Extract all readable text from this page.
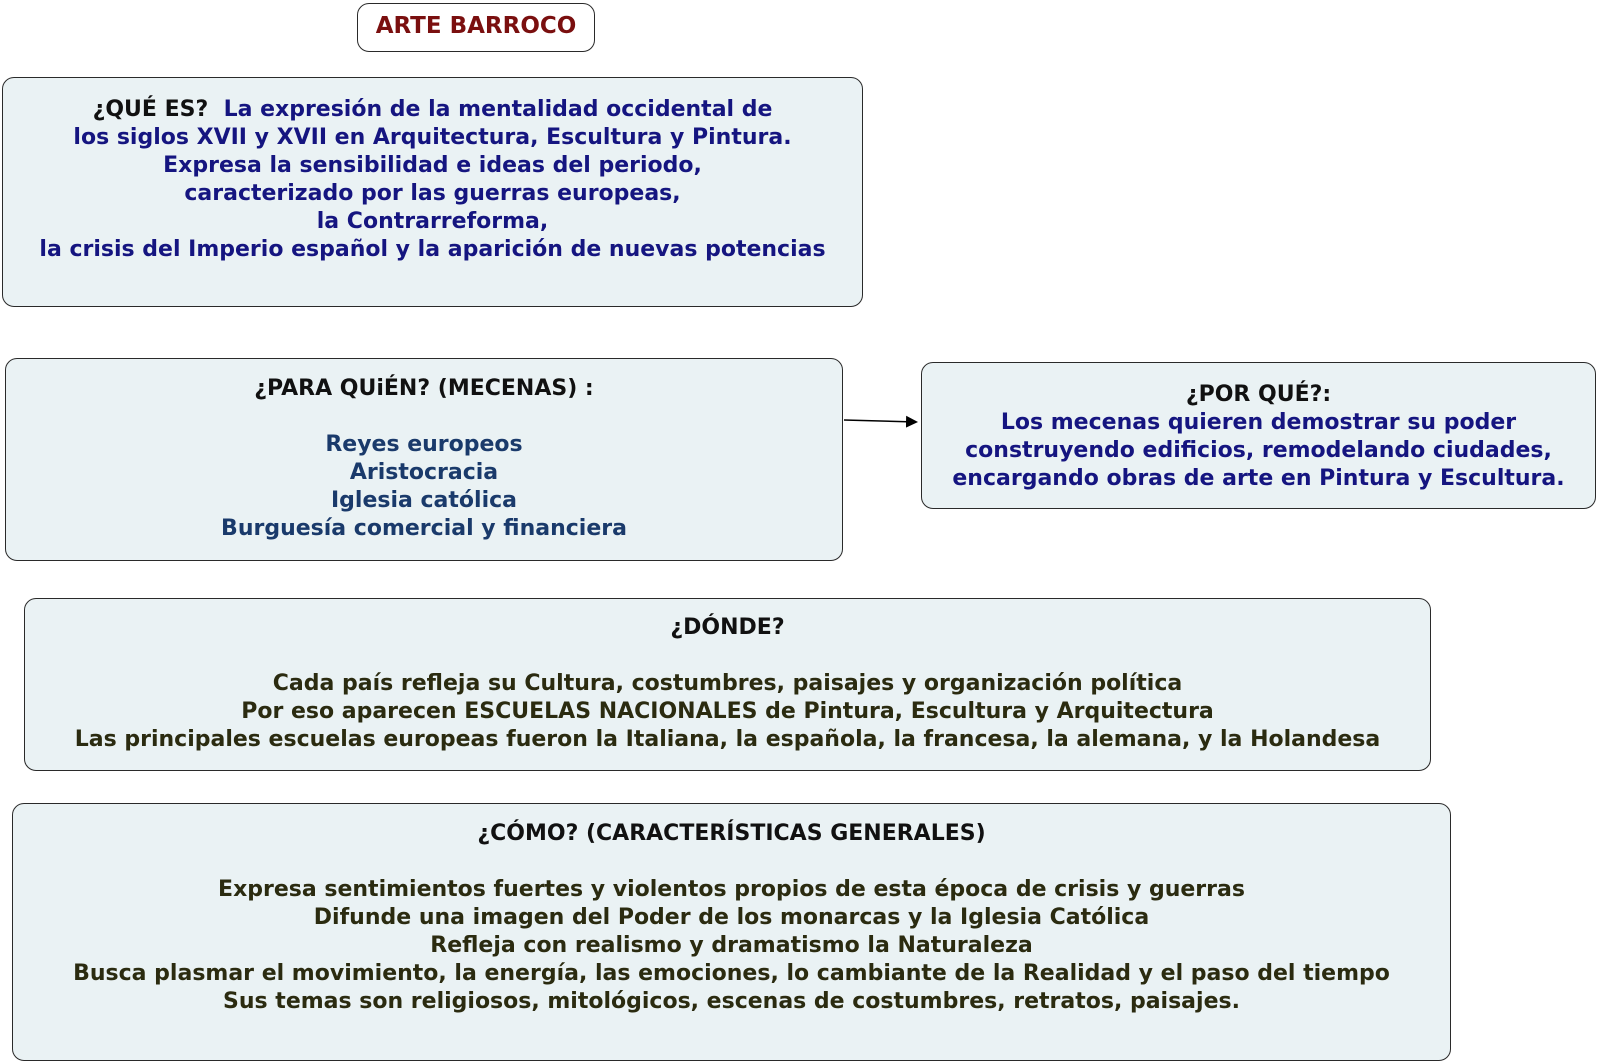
ARTE BARROCO
¿QUÉ ES? La expresión de la mentalidad occidental de
los siglos XVII y XVII en Arquitectura, Escultura y Pintura.
Expresa la sensibilidad e ideas del periodo,
caracterizado por las guerras europeas,
la Contrarreforma,
la crisis del Imperio español y la aparición de nuevas potencias
¿PARA QUiÉN? (MECENAS) :
Reyes europeos
Aristocracia
Iglesia católica
Burguesía comercial y financiera
¿POR QUÉ?:
Los mecenas quieren demostrar su poder
construyendo edificios, remodelando ciudades,
encargando obras de arte en Pintura y Escultura.
¿DÓNDE?
Cada país refleja su Cultura, costumbres, paisajes y organización política
Por eso aparecen ESCUELAS NACIONALES de Pintura, Escultura y Arquitectura
Las principales escuelas europeas fueron la Italiana, la española, la francesa, la alemana, y la Holandesa
¿CÓMO? (CARACTERÍSTICAS GENERALES)
Expresa sentimientos fuertes y violentos propios de esta época de crisis y guerras
Difunde una imagen del Poder de los monarcas y la Iglesia Católica
Refleja con realismo y dramatismo la Naturaleza
Busca plasmar el movimiento, la energía, las emociones, lo cambiante de la Realidad y el paso del tiempo
Sus temas son religiosos, mitológicos, escenas de costumbres, retratos, paisajes.
